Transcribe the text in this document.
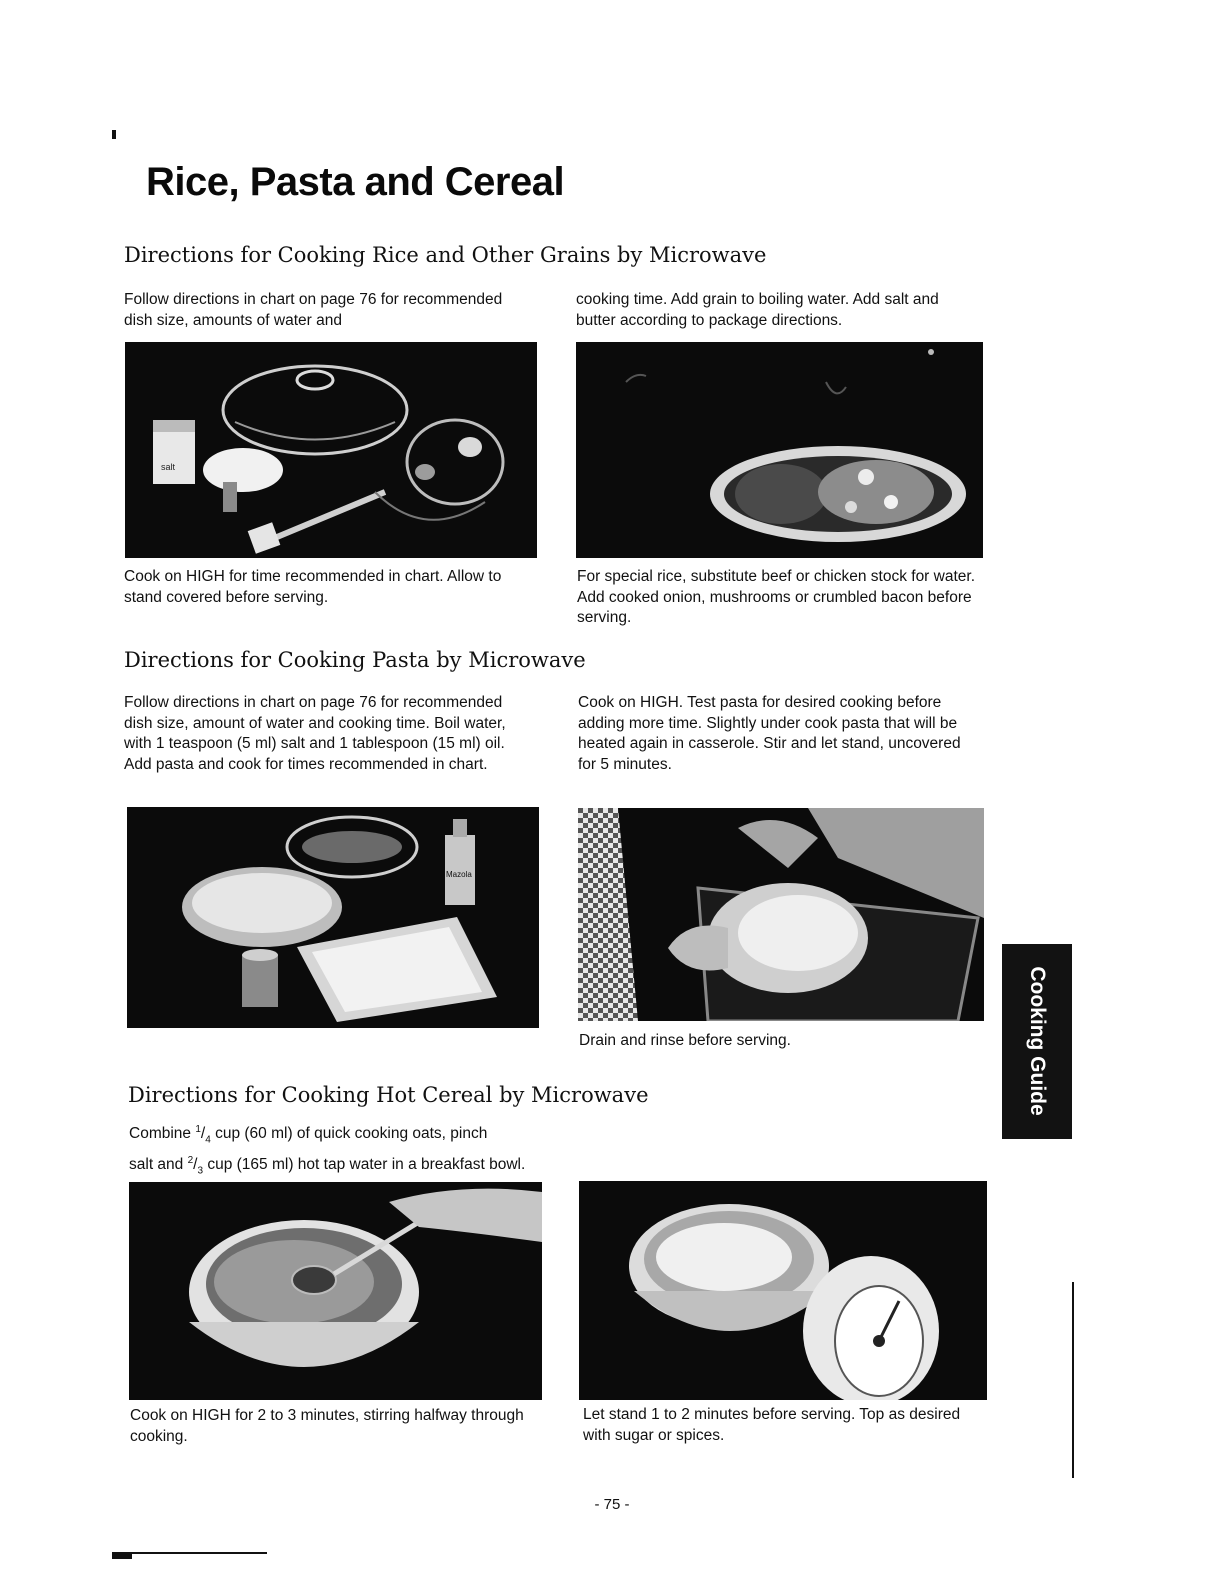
Rice, Pasta and Cereal
Directions for Cooking Rice and Other Grains by Microwave
Follow directions in chart on page 76 for recommended dish size, amounts of water and
cooking time. Add grain to boiling water. Add salt and butter according to package directions.
salt
Cook on HIGH for time recommended in chart. Allow to stand covered before serving.
For special rice, substitute beef or chicken stock for water. Add cooked onion, mushrooms or crumbled bacon before serving.
Directions for Cooking Pasta by Microwave
Follow directions in chart on page 76 for recommended dish size, amount of water and cooking time. Boil water, with 1 teaspoon (5 ml) salt and 1 tablespoon (15 ml) oil. Add pasta and cook for times recommended in chart.
Cook on HIGH. Test pasta for desired cooking before adding more time. Slightly under cook pasta that will be heated again in casserole. Stir and let stand, uncovered for 5 minutes.
Mazola
Drain and rinse before serving.
Directions for Cooking Hot Cereal by Microwave
Combine $^1/_4$ cup (60 ml) of quick cooking oats, pinch
salt and $^2/_3$ cup (165 ml) hot tap water in a breakfast bowl.
Cook on HIGH for 2 to 3 minutes, stirring halfway through cooking.
Let stand 1 to 2 minutes before serving. Top as desired with sugar or spices.
Cooking Guide
- 75 -
